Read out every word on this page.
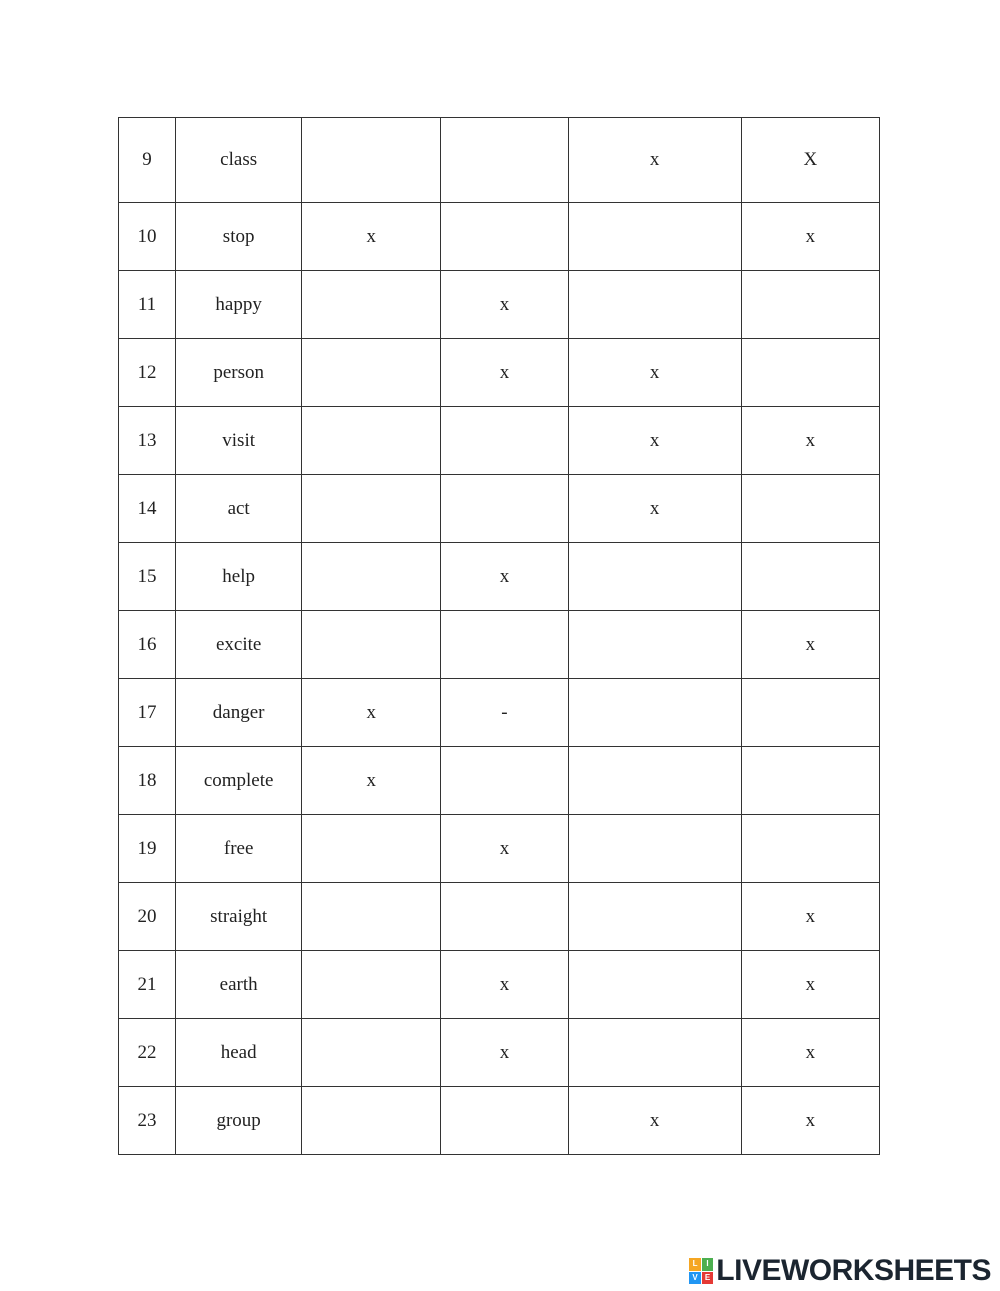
9	class			x	X
10	stop	x			x
11	happy		x		
12	person		x	x	
13	visit			x	x
14	act			x	
15	help		x		
16	excite				x
17	danger	x	-		
18	complete	x			
19	free		x		
20	straight				x
21	earth		x		x
22	head		x		x
23	group			x	x
L	I
V E LIVEWORKSHEETS
